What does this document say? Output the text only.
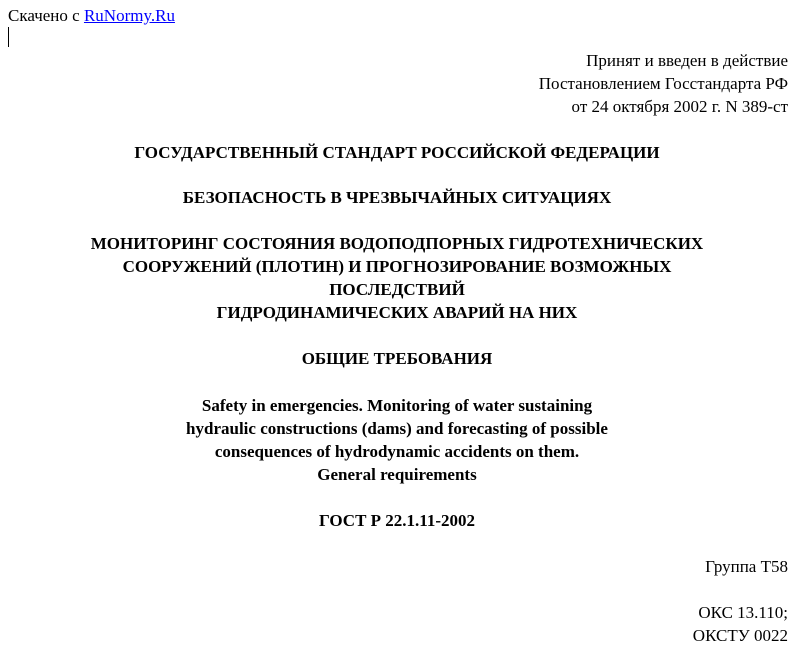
Скачено с RuNormy.Ru
Принят и введен в действие
Постановлением Госстандарта РФ
от 24 октября 2002 г. N 389-ст
ГОСУДАРСТВЕННЫЙ СТАНДАРТ РОССИЙСКОЙ ФЕДЕРАЦИИ
БЕЗОПАСНОСТЬ В ЧРЕЗВЫЧАЙНЫХ СИТУАЦИЯХ
МОНИТОРИНГ СОСТОЯНИЯ ВОДОПОДПОРНЫХ ГИДРОТЕХНИЧЕСКИХ
СООРУЖЕНИЙ (ПЛОТИН) И ПРОГНОЗИРОВАНИЕ ВОЗМОЖНЫХ
ПОСЛЕДСТВИЙ
ГИДРОДИНАМИЧЕСКИХ АВАРИЙ НА НИХ
ОБЩИЕ ТРЕБОВАНИЯ
Safety in emergencies. Monitoring of water sustaining
hydraulic constructions (dams) and forecasting of possible
consequences of hydrodynamic accidents on them.
General requirements
ГОСТ Р 22.1.11-2002
Группа Т58
ОКС 13.110;
ОКСТУ 0022
